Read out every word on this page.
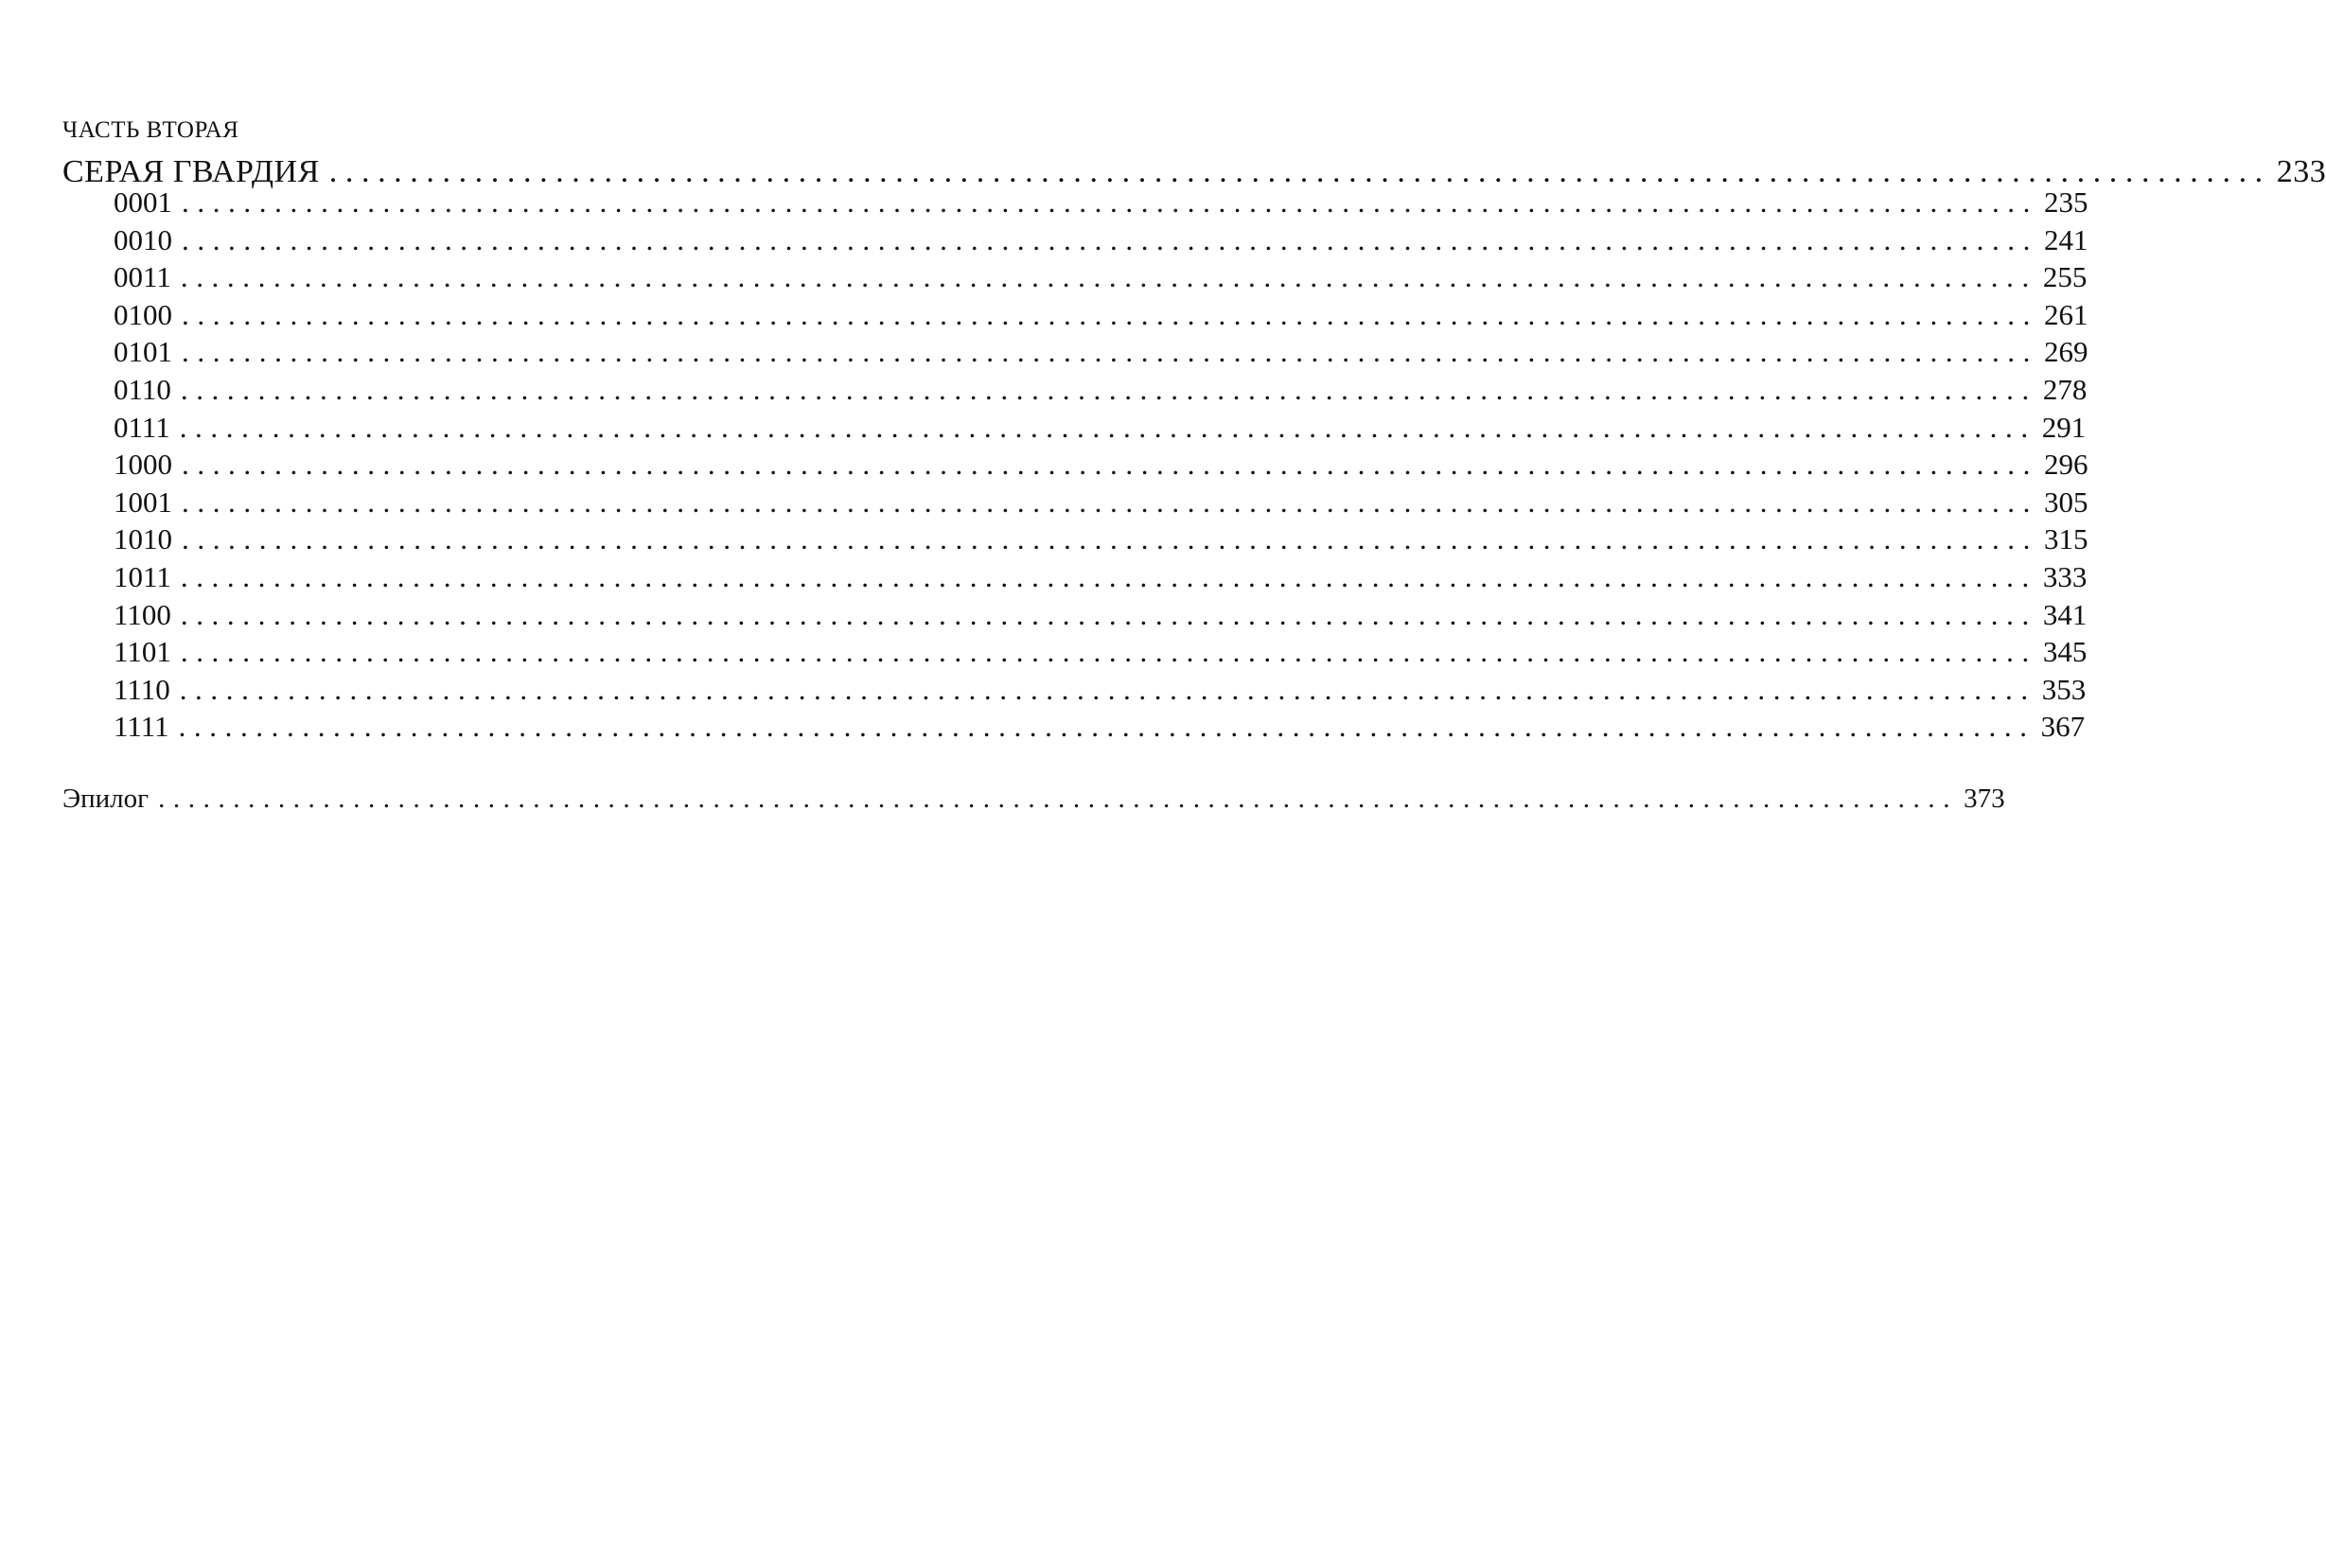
ЧАСТЬ ВТОРАЯ
СЕРАЯ ГВАРДИЯ ........................................................................................................................ 233
0001 ........................................................................................................................ 235
0010 ........................................................................................................................ 241
0011 ........................................................................................................................ 255
0100 ........................................................................................................................ 261
0101 ........................................................................................................................ 269
0110 ........................................................................................................................ 278
0111 ........................................................................................................................ 291
1000 ........................................................................................................................ 296
1001 ........................................................................................................................ 305
1010 ........................................................................................................................ 315
1011 ........................................................................................................................ 333
1100 ........................................................................................................................ 341
1101 ........................................................................................................................ 345
1110 ........................................................................................................................ 353
1111 ........................................................................................................................ 367
Эпилог ........................................................................................................................ 373
